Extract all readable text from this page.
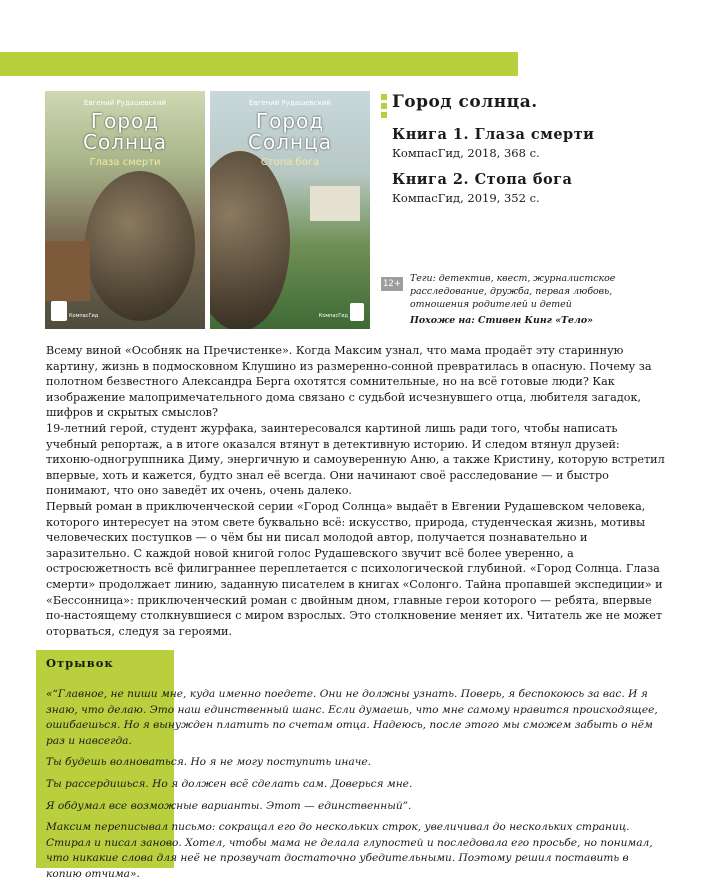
Евгений Рудашевский
Город
Солнца
Глаза смерти
КомпасГид
Евгений Рудашевский
Город
Солнца
Стопа бога
КомпасГид
Город солнца.
Книга 1. Глаза смерти
КомпасГид, 2018, 368 с.
Книга 2. Стопа бога
КомпасГид, 2019, 352 с.
12+ Теги: детектив, квест, журналистское расследование, дружба, первая любовь, отношения родителей и детей
Похоже на: Стивен Кинг «Тело»

Всему виной «Особняк на Пречистенке». Когда Максим узнал, что мама продаёт эту старинную картину, жизнь в подмосковном Клушино из размеренно-сонной превратилась в опасную. Почему за полотном безвестного Александра Берга охотятся сомнительные, но на всё готовые люди? Как изображение малопримечательного дома связано с судьбой исчезнувшего отца, любителя загадок, шифров и скрытых смыслов?

19-летний герой, студент журфака, заинтересовался картиной лишь ради того, чтобы написать учебный репортаж, а в итоге оказался втянут в детективную историю. И следом втянул друзей: тихоню-одногруппника Диму, энергичную и самоуверенную Аню, а также Кристину, которую встретил впервые, хоть и кажется, будто знал её всегда. Они начинают своё расследование — и быстро понимают, что оно заведёт их очень, очень далеко.

Первый роман в приключенческой серии «Город Солнца» выдаёт в Евгении Рудашевском человека, которого интересует на этом свете буквально всё: искусство, природа, студенческая жизнь, мотивы человеческих поступков — о чём бы ни писал молодой автор, получается познавательно и заразительно. С каждой новой книгой голос Рудашевского звучит всё более уверенно, а остросюжетность всё филиграннее переплетается с психологической глубиной. «Город Солнца. Глаза смерти» продолжает линию, заданную писателем в книгах «Солонго. Тайна пропавшей экспедиции» и «Бессонница»: приключенческий роман с двойным дном, главные герои которого — ребята, впервые по-настоящему столкнувшиеся с миром взрослых. Это столкновение меняет их. Читатель же не может оторваться, следуя за героями.

Отрывок

«“Главное, не пиши мне, куда именно поедете. Они не должны узнать. Поверь, я беспокоюсь за вас. И я знаю, что делаю. Это наш единственный шанс. Если думаешь, что мне самому нравится происходящее, ошибаешься. Но я вынужден платить по счетам отца. Надеюсь, после этого мы сможем забыть о нём раз и навсегда.

Ты будешь волноваться. Но я не могу поступить иначе.

Ты рассердишься. Но я должен всё сделать сам. Доверься мне.

Я обдумал все возможные варианты. Этот — единственный”.

Максим переписывал письмо: сокращал его до нескольких строк, увеличивал до нескольких страниц. Стирал и писал заново. Хотел, чтобы мама не делала глупостей и последовала его просьбе, но понимал, что никакие слова для неё не прозвучат достаточно убедительными. Поэтому решил поставить в копию отчима».
